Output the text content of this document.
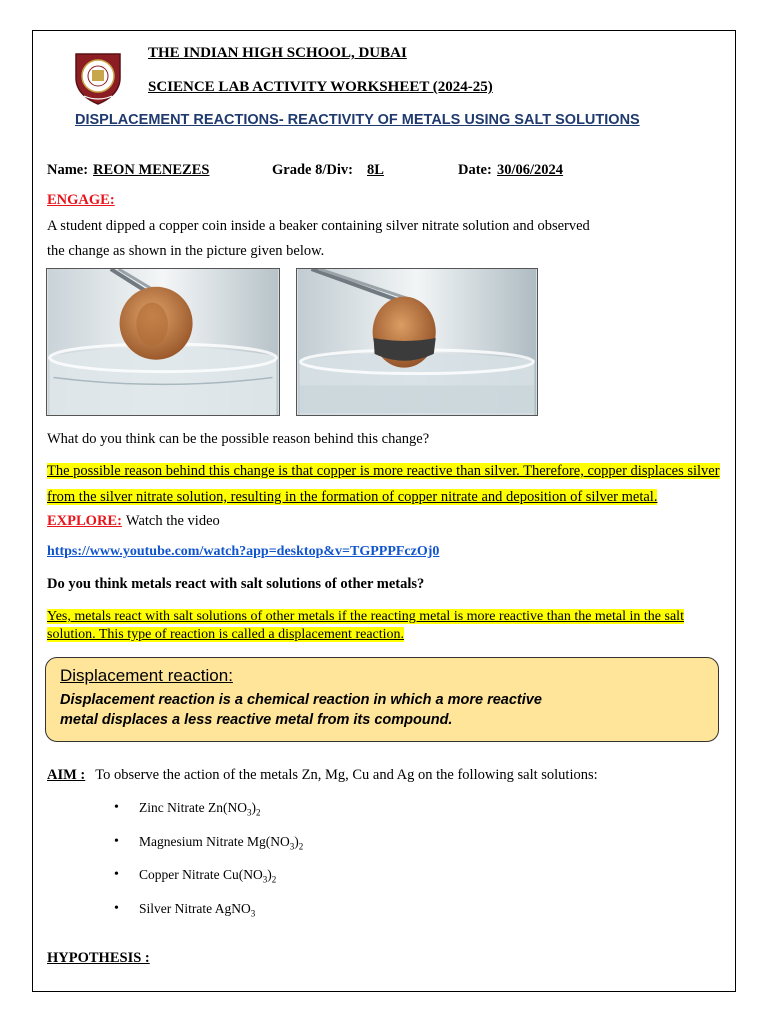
THE INDIAN HIGH SCHOOL, DUBAI
SCIENCE LAB ACTIVITY WORKSHEET (2024-25)
DISPLACEMENT REACTIONS- REACTIVITY OF METALS USING SALT SOLUTIONS
Name: REON MENEZES	Grade 8/Div: 8L	Date: 30/06/2024
ENGAGE:
A student dipped a copper coin inside a beaker containing silver nitrate solution and observed
the change as shown in the picture given below.
What do you think can be the possible reason behind this change?
The possible reason behind this change is that copper is more reactive than silver. Therefore, copper displaces silver
from the silver nitrate solution, resulting in the formation of copper nitrate and deposition of silver metal.
EXPLORE: Watch the video
https://www.youtube.com/watch?app=desktop&v=TGPPPFczOj0
Do you think metals react with salt solutions of other metals?
Yes, metals react with salt solutions of other metals if the reacting metal is more reactive than the metal in the salt
solution. This type of reaction is called a displacement reaction.
Displacement reaction:
Displacement reaction is a chemical reaction in which a more reactive
metal displaces a less reactive metal from its compound.
AIM : To observe the action of the metals Zn, Mg, Cu and Ag on the following salt solutions:
• Zinc Nitrate $Zn(NO_3)_2$
• Magnesium Nitrate $Mg(NO_3)_2$
• Copper Nitrate $Cu(NO_3)_2$
• Silver Nitrate AgNO$_3$
HYPOTHESIS :
